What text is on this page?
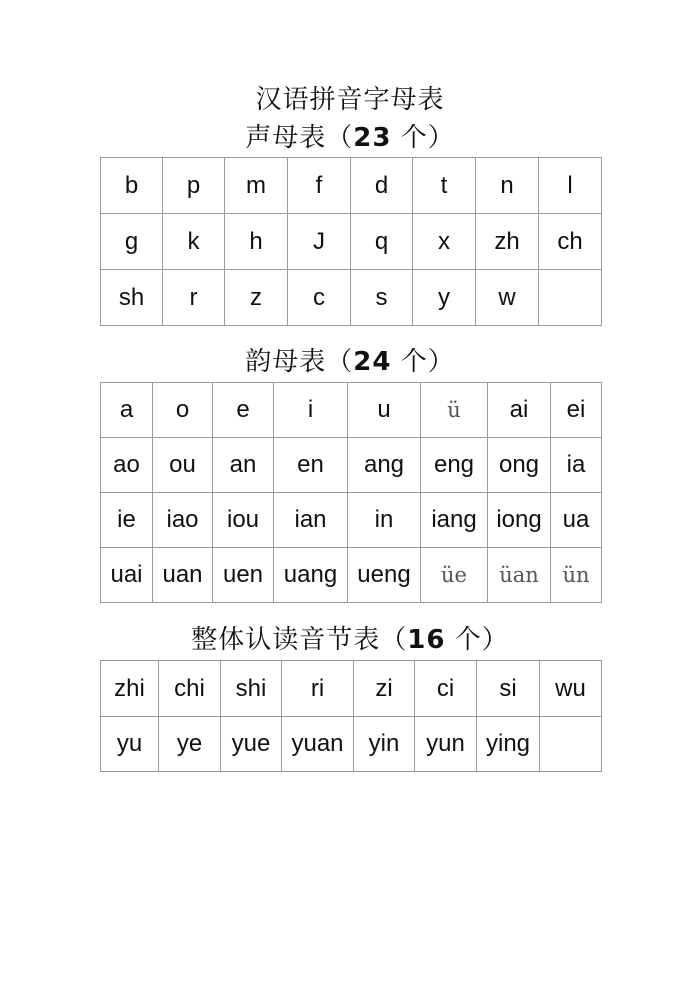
汉语拼音字母表
声母表（23 个）
b	p	m	f	d	t	n	l
g	k	h	J	q	x	zh	ch
sh	r	z	c	s	y	w	
韵母表（24 个）
a	o	e	i	u	ü	ai	ei
ao	ou	an	en	ang	eng	ong	ia
ie	iao	iou	ian	in	iang	iong	ua
uai	uan	uen	uang	ueng	üe	üan	ün
整体认读音节表（16 个）
zhi	chi	shi	ri	zi	ci	si	wu
yu	ye	yue	yuan	yin	yun	ying	
